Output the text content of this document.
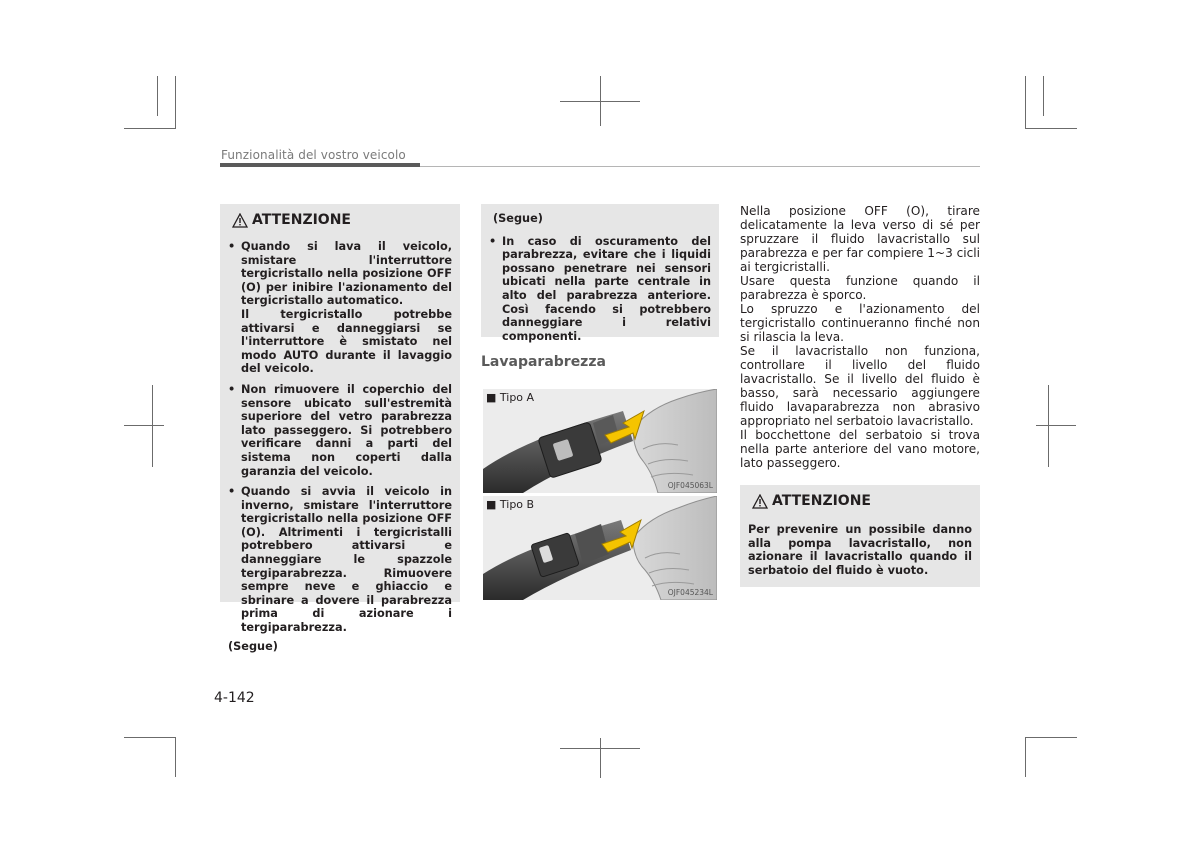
Funzionalità del vostro veicolo
ATTENZIONE
• Quando si lava il veicolo, smistare l'interruttore tergicristallo nella posizione OFF (O) per inibire l'azionamento del tergicristallo automatico.
Il tergicristallo potrebbe attivarsi e danneggiarsi se l'interruttore è smistato nel modo AUTO durante il lavaggio del veicolo.
• Non rimuovere il coperchio del sensore ubicato sull'estremità superiore del vetro parabrezza lato passeggero. Si potrebbero verificare danni a parti del sistema non coperti dalla garanzia del veicolo.
• Quando si avvia il veicolo in inverno, smistare l'interruttore tergicristallo nella posizione OFF (O). Altrimenti i tergicristalli potrebbero attivarsi e danneggiare le spazzole tergiparabrezza. Rimuovere sempre neve e ghiaccio e sbrinare a dovere il parabrezza prima di azionare i tergiparabrezza.
(Segue)
(Segue)
• In caso di oscuramento del parabrezza, evitare che i liquidi possano penetrare nei sensori ubicati nella parte centrale in alto del parabrezza anteriore. Così facendo si potrebbero danneggiare i relativi componenti.
Lavaparabrezza
■ Tipo A
OJF045063L
■ Tipo B
OJF045234L

Nella posizione OFF (O), tirare delicatamente la leva verso di sé per spruzzare il fluido lavacristallo sul parabrezza e per far compiere 1~3 cicli ai tergicristalli.

Usare questa funzione quando il parabrezza è sporco.

Lo spruzzo e l'azionamento del tergicristallo continueranno finché non si rilascia la leva.

Se il lavacristallo non funziona, controllare il livello del fluido lavacristallo. Se il livello del fluido è basso, sarà necessario aggiungere fluido lavaparabrezza non abrasivo appropriato nel serbatoio lavacristallo.

Il bocchettone del serbatoio si trova nella parte anteriore del vano motore, lato passeggero.

ATTENZIONE

Per prevenire un possibile danno alla pompa lavacristallo, non azionare il lavacristallo quando il serbatoio del fluido è vuoto.

4-142
